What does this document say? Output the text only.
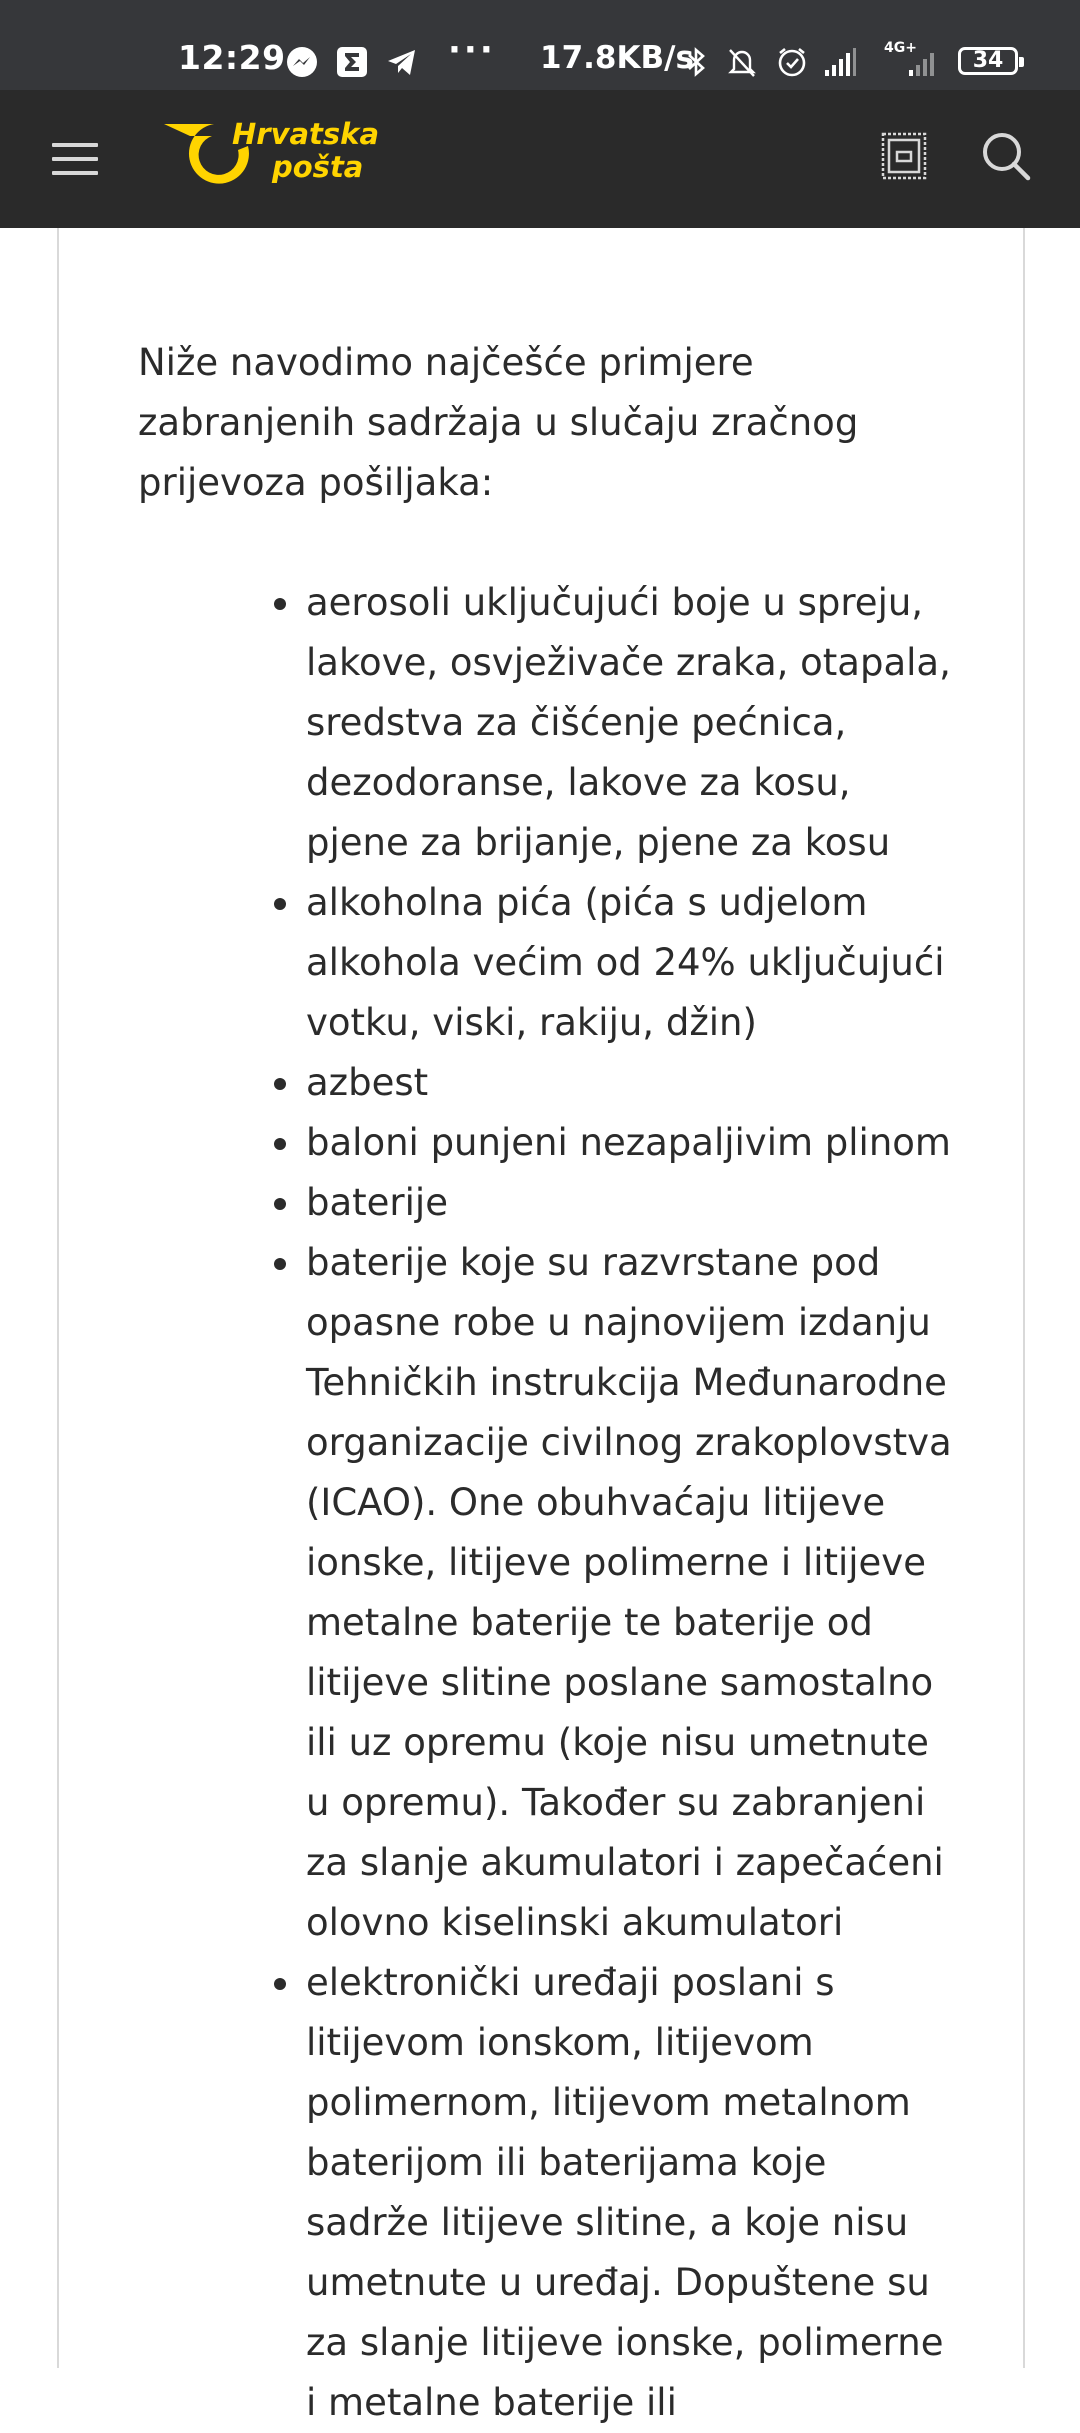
12:29	··· 17.8KB/s	4G+	34
Hrvatska
pošta

Niže navodimo najčešće primjere zabranjenih sadržaja u slučaju zračnog prijevoza pošiljaka:

aerosoli uključujući boje u spreju, lakove, osvježivače zraka, otapala, sredstva za čišćenje pećnica, dezodoranse, lakove za kosu, pjene za brijanje, pjene za kosu
alkoholna pića (pića s udjelom alkohola većim od 24% uključujući votku, viski, rakiju, džin)
azbest
baloni punjeni nezapaljivim plinom
baterije
baterije koje su razvrstane pod opasne robe u najnovijem izdanju Tehničkih instrukcija Međunarodne organizacije civilnog zrakoplovstva (ICAO). One obuhvaćaju litijeve ionske, litijeve polimerne i litijeve metalne baterije te baterije od litijeve slitine poslane samostalno ili uz opremu (koje nisu umetnute u opremu). Također su zabranjeni za slanje akumulatori i zapečaćeni olovno kiselinski akumulatori
elektronički uređaji poslani s litijevom ionskom, litijevom polimernom, litijevom metalnom baterijom ili baterijama koje sadrže litijeve slitine, a koje nisu umetnute u uređaj. Dopuštene su za slanje litijeve ionske, polimerne i metalne baterije ili
